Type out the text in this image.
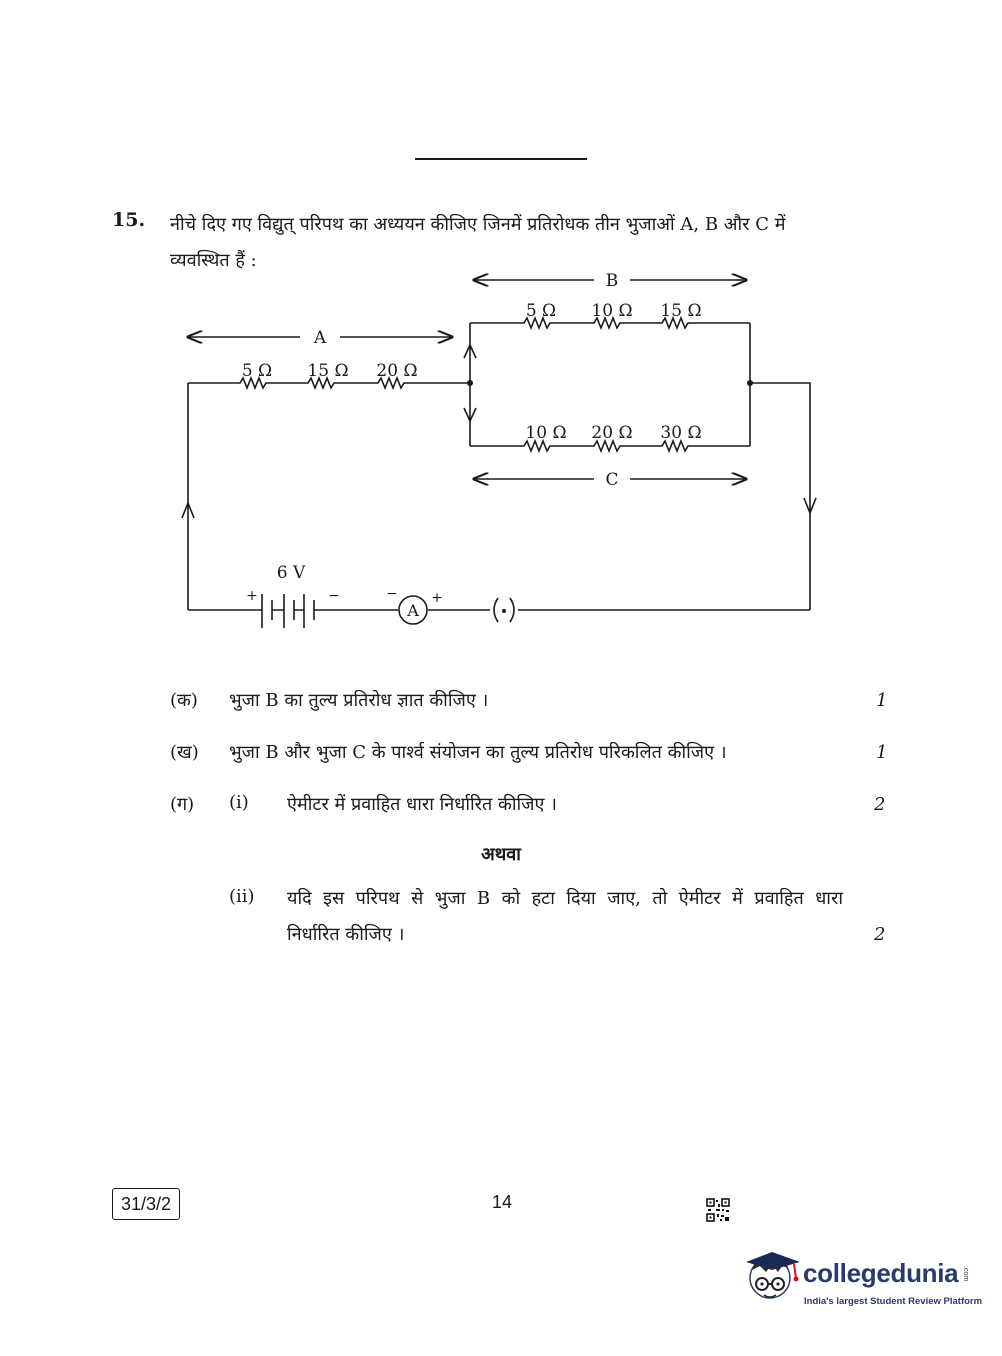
15. नीचे दिए गए विद्युत् परिपथ का अध्ययन कीजिए जिनमें प्रतिरोधक तीन भुजाओं A, B और C में व्यवस्थित हैं :
A
B
C
5 Ω 15 Ω 20 Ω
5 Ω 10 Ω 15 Ω
10 Ω 20 Ω 30 Ω
6 V
+	−	− +
A
(क) भुजा B का तुल्य प्रतिरोध ज्ञात कीजिए ।	1
(ख) भुजा B और भुजा C के पार्श्व संयोजन का तुल्य प्रतिरोध परिकलित कीजिए ।	1
(ग) (i) ऐमीटर में प्रवाहित धारा निर्धारित कीजिए ।	2
अथवा
(ii) यदि इस परिपथ से भुजा B को हटा दिया जाए, तो ऐमीटर में प्रवाहित धारा
निर्धारित कीजिए ।	2
31/3/2	14
collegedunia .com
India's largest Student Review Platform
